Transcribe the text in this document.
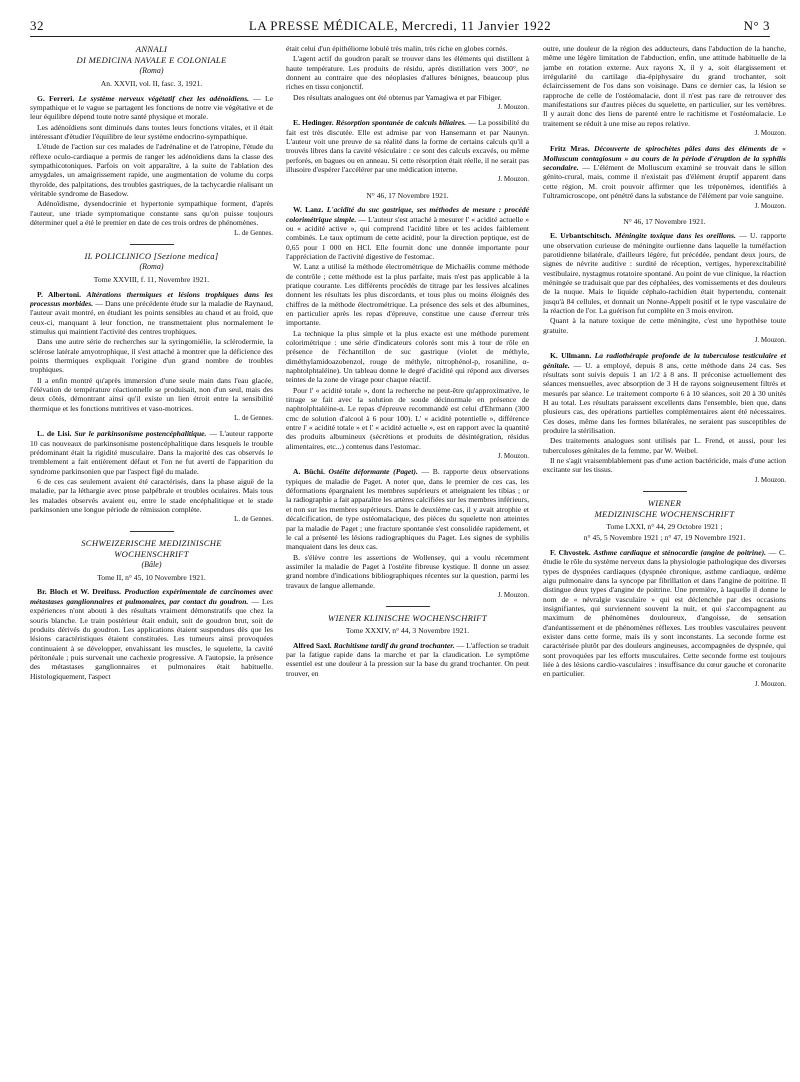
32	LA PRESSE MÉDICALE, Mercredi, 11 Janvier 1922	N° 3
ANNALI
DI MEDICINA NAVALE E COLONIALE
(Roma)
An. XXVII, vol. II, fasc. 3, 1921.

G. Ferreri. Le système nerveux végétatif chez les adénoïdiens. — Le sympathique et le vague se partagent les fonctions de notre vie végétative et de leur équilibre dépend toute notre santé physique et morale.

Les adénoïdiens sont diminués dans toutes leurs fonctions vitales, et il était intéressant d'étudier l'équilibre de leur système endocrino-sympathique.

L'étude de l'action sur ces malades de l'adrénaline et de l'atropine, l'étude du réflexe oculo-cardiaque a permis de ranger les adénoïdiens dans la classe des sympathicotoniques. Parfois on voit apparaître, à la suite de l'ablation des amygdales, un amaigrissement rapide, une augmentation de volume du corps thyroïde, des palpitations, des troubles gastriques, de la tachycardie réalisant un véritable syndrome de Basedow.

Adénoïdisme, dysendocrinie et hypertonie sympathique forment, d'après l'auteur, une triade symptomatique constante sans qu'on puisse toujours déterminer quel a été le premier en date de ces trois ordres de phénomènes.

L. de Gennes.
IL POLICLINICO [Sezione medica]
(Roma)
Tome XXVIII, f. 11, Novembre 1921.

P. Albertoni. Altérations thermiques et lésions trophiques dans les processus morbides. — Dans une précédente étude sur la maladie de Raynaud, l'auteur avait montré, en étudiant les points sensibles au chaud et au froid, que ceux-ci, manquant à leur fonction, ne transmettaient plus normalement le stimulus qui maintient l'activité des centres trophiques.

Dans une autre série de recherches sur la syringomiélie, la sclérodermie, la sclérose latérale amyotrophique, il s'est attaché à montrer que la déficience des points thermiques expliquait l'origine d'un grand nombre de troubles trophiques.

Il a enfin montré qu'après immersion d'une seule main dans l'eau glacée, l'élévation de température réactionnelle se produisait, non d'un seul, mais des deux côtés, démontrant ainsi qu'il existe un lien étroit entre la sensibilité thermique et les fonctions nutritives et vaso-motrices.

L. de Gennes.

L. de Lisi. Sur le parkinsonisme postencéphalitique. — L'auteur rapporte 10 cas nouveaux de parkinsonisme postencéphalitique dans lesquels le trouble prédominant était la rigidité musculaire. Dans la majorité des cas observés le tremblement a fait entièrement défaut et l'on ne fut avertí de l'apparition du syndrome parkinsonien que par l'aspect figé du malade.

6 de ces cas seulement avaient été caractérisés, dans la phase aiguë de la maladie, par la léthargie avec ptose palpébrale et troubles oculaires. Mais tous les malades observés avaient eu, entre le stade encéphalitique et le stade parkinsonien une longue période de rémission complète.

L. de Gennes.
SCHWEIZERISCHE MEDIZINISCHE
WOCHENSCHRIFT
(Bâle)
Tome II, n° 45, 10 Novembre 1921.

Br. Bloch et W. Dreifuss. Production expérimentale de carcinomes avec métastases ganglionnaires et pulmonaires, par contact du goudron. — Les expériences n'ont abouti à des résultats vraiment démonstratifs que chez la souris blanche. Le train postérieur était enduit, soit de goudron brut, soit de produits dérivés du goudron. Les applications étaient suspendues dès que les lésions caractéristiques étaient constituées. Les tumeurs ainsi provoquées continuaient à se développer, envahissant les muscles, le squelette, la cavité péritonéale ; puis survenait une cachexie progressive. A l'autopsie, la présence des métastases ganglionnaires et pulmonaires était habituelle. Histologiquement, l'aspect

était celui d'un épithéliome lobulé très malin, très riche en globes cornés.

L'agent actif du goudron paraît se trouver dans les éléments qui distillent à haute température. Les produits de résidu, après distillation vers 300°, ne donnent au contraire que des néoplasies d'allures bénignes, beaucoup plus riches en tissu conjonctif.

Des résultats analogues ont été obtenus par Yamagiwa et par Fibiger.

J. Mouzon.

E. Hedinger. Résorption spontanée de calculs biliaires. — La possibilité du fait est très discutée. Elle est admise par von Hansemann et par Naunyn. L'auteur voit une preuve de sa réalité dans la forme de certains calculs qu'il a trouvés libres dans la cavité vésiculaire : ce sont des calculs excavés, ou même perforés, en bagues ou en anneau. Si cette résorption était réelle, il ne serait pas illusoire d'espérer l'accélérer par une médication interne.

J. Mouzon.
N° 46, 17 Novembre 1921.

W. Lanz. L'acidité du suc gastrique, ses méthodes de mesure : procédé colorimétrique simple. — L'auteur s'est attaché à mesurer l' « acidité actuelle » ou « acidité active », qui comprend l'acidité libre et les acides faiblement combinés. Le taux optimum de cette acidité, pour la direction peptique, est de 0,65 pour 1 000 en HCl. Elle fournit donc une donnée importante pour l'appréciation de l'activité digestive de l'estomac.

W. Lanz a utilisé la méthode électrométrique de Michaëlis comme méthode de contrôle ; cette méthode est la plus parfaite, mais n'est pas applicable à la pratique courante. Les différents procédés de titrage par les lessives alcalines donnent les résultats les plus discordants, et tous plus ou moins éloignés des chiffres de la méthode électrométrique. La présence des sels et des albumines, en particulier après les repas d'épreuve, constitue une cause d'erreur très importante.

La technique la plus simple et la plus exacte est une méthode purement colorimétrique : une série d'indicateurs colorés sont mis à tour de rôle en présence de l'échantillon de suc gastrique (violet de méthyle, diméthylamidoazobenzol, rouge de méthyle, nitrophénol-p, rosaniline, α-naphtolphtaléine). Un tableau donne le degré d'acidité qui répond aux diverses teintes de la zone de virage pour chaque réactif.

Pour l' « acidité totale », dont la recherche ne peut-être qu'approximative, le titrage se fait avec la solution de soude décinormale en présence de naphtolphtaléine-α. Le repas d'épreuve recommandé est celui d'Ehrmann (300 cmc de solution d'alcool à 6 pour 100). L' « acidité potentielle », différence entre l' « acidité totale » et l' « acidité actuelle », est en rapport avec la quantité des produits albumineux (sécrétions et produits de désintégration, résidus alimentaires, etc...) contenus dans l'estomac.

J. Mouzon.

A. Büchi. Ostéite déformante (Paget). — B. rapporte deux observations typiques de maladie de Paget. A noter que, dans le premier de ces cas, les déformations épargnaient les membres supérieurs et atteignaient les tibias ; or la radiographie a fait apparaître les artères calcifiées sur les membres inférieurs, et non sur les membres supérieurs. Dans le deuxième cas, il y avait atrophie et décalcification, de type ostéomalacique, des pièces du squelette non atteintes par la maladie de Paget ; une fracture spontanée s'est consolidée rapidement, et le cal a présenté les lésions radiographiques du Paget. Les signes de syphilis manquaient dans les deux cas.

B. s'élève contre les assertions de Wollensey, qui a voulu récemment assimiler la maladie de Paget à l'ostéite fibreuse kystique. Il donne un assez grand nombre d'indications bibliographiques récentes sur la question, parmi les travaux de langue allemande.

J. Mouzon.
WIENER KLINISCHE WOCHENSCHRIFT
Tome XXXIV, n° 44, 3 Novembre 1921.

Alfred Saxl. Rachitisme tardif du grand trochanter. — L'affection se traduit par la fatigue rapide dans la marche et par la claudication. Le symptôme essentiel est une douleur à la pression sur la base du grand trochanter. On peut trouver, en

outre, une douleur de la région des adducteurs, dans l'abduction de la hanche, même une légère limitation de l'abduction, enfin, une attitude habituelle de la jambe en rotation externe. Aux rayons X, il y a, soit élargissement et irrégularité du cartilage dia-épiphysaire du grand trochanter, soit éclaircissement de l'os dans son voisinage. Dans ce dernier cas, la lésion se rapproche de celle de l'ostéomalacie, dont il n'est pas rare de retrouver des manifestations sur d'autres pièces du squelette, en particulier, sur les vertèbres. Il y aurait donc des liens de parenté entre le rachitisme et l'ostéomalacie. Le traitement se réduit à une mise au repos relative.

J. Mouzon.

Fritz Mras. Découverte de spirochètes pâles dans des éléments de « Molluscum contagiosum » au cours de la période d'éruption de la syphilis secondaire. — L'élément de Molluscum examiné se trouvait dans le sillon génito-crural, mais, comme il n'existait pas d'élément éruptif apparent dans cette région, M. croit pouvoir affirmer que les tréponèmes, identifiés à l'ultramicroscope, ont pénétré dans la substance de l'élément par voie sanguine.

J. Mouzon.
N° 46, 17 Novembre 1921.

E. Urbantschitsch. Méningite toxique dans les oreillons. — U. rapporte une observation curieuse de méningite ourlienne dans laquelle la tuméfaction parotidienne bilatérale, d'ailleurs légère, fut précédée, pendant deux jours, de signes de névrite auditive : surdité de réception, vertiges, hyperexcitabilité vestibulaire, nystagmus rotatoire spontané. Au point de vue clinique, la réaction méningée se traduisait que par des céphalées, des vomissements et des douleurs de la nuque. Mais le liquide céphalo-rachidien était hypertendu, contenait jusqu'à 84 cellules, et donnait un Nonne-Appelt positif et le type vasculaire de la réaction de l'or. La guérison fut complète en 3 mois environ.

Quant à la nature toxique de cette méningite, c'est une hypothèse toute gratuite.

J. Mouzon.

K. Ullmann. La radiothérapie profonde de la tuberculose testiculaire et génitale. — U. a employé, depuis 8 ans, cette méthode dans 24 cas. Ses résultats sont suivis depuis 1 an 1/2 à 8 ans. Il préconise actuellement des séances mensuelles, avec absorption de 3 H de rayons soigneusement filtrés et mesurés par séance. Le traitement comporte 6 à 10 séances, soit 20 à 30 unités H au total. Les résultats paraissent excellents dans l'ensemble, bien que, dans plusieurs cas, des opérations partielles complémentaires aient été nécessaires. Ces doses, même dans les formes bilatérales, ne seraient pas susceptibles de produire la stérilisation.

Des traitements analogues sont utilisés par L. Frend, et aussi, pour les tuberculoses génitales de la femme, par W. Weibel.

Il ne s'agit vraisemblablement pas d'une action bactéricide, mais d'une action excitante sur les tissus.

J. Mouzon.
WIENER
MEDIZINISCHE WOCHENSCHRIFT
Tome LXXI, n° 44, 29 Octobre 1921 ;
n° 45, 5 Novembre 1921 ; n° 47, 19 Novembre 1921.

F. Chvostek. Asthme cardiaque et sténocardie (angine de poitrine). — C. étudie le rôle du système nerveux dans la physiologie pathologique des diverses types de dyspnées cardiaques (dyspnée chronique, asthme cardiaque, œdème aigu pulmonaire dans la syncope par fibrillation et dans l'angine de poitrine. Il distingue deux types d'angine de poitrine. Une première, à laquelle il donne le nom de « névralgie vasculaire » qui est déclenchée par des occasions insignifiantes, qui surviennent souvent la nuit, et qui s'accompagnent au maximum de phénomènes douloureux, d'angoisse, de sensation d'anéantissement et de phénomènes réflexes. Les troubles vasculaires peuvent exister dans cette forme, mais ils y sont inconstants. La seconde forme est caractérisée plutôt par des douleurs angineuses, accompagnées de dyspnée, qui sont provoquées par les efforts musculaires. Cette seconde forme est toujours liée à des lésions cardio-vasculaires : insuffisance du cœur gauche et coronarite en particulier.

J. Mouzon.
